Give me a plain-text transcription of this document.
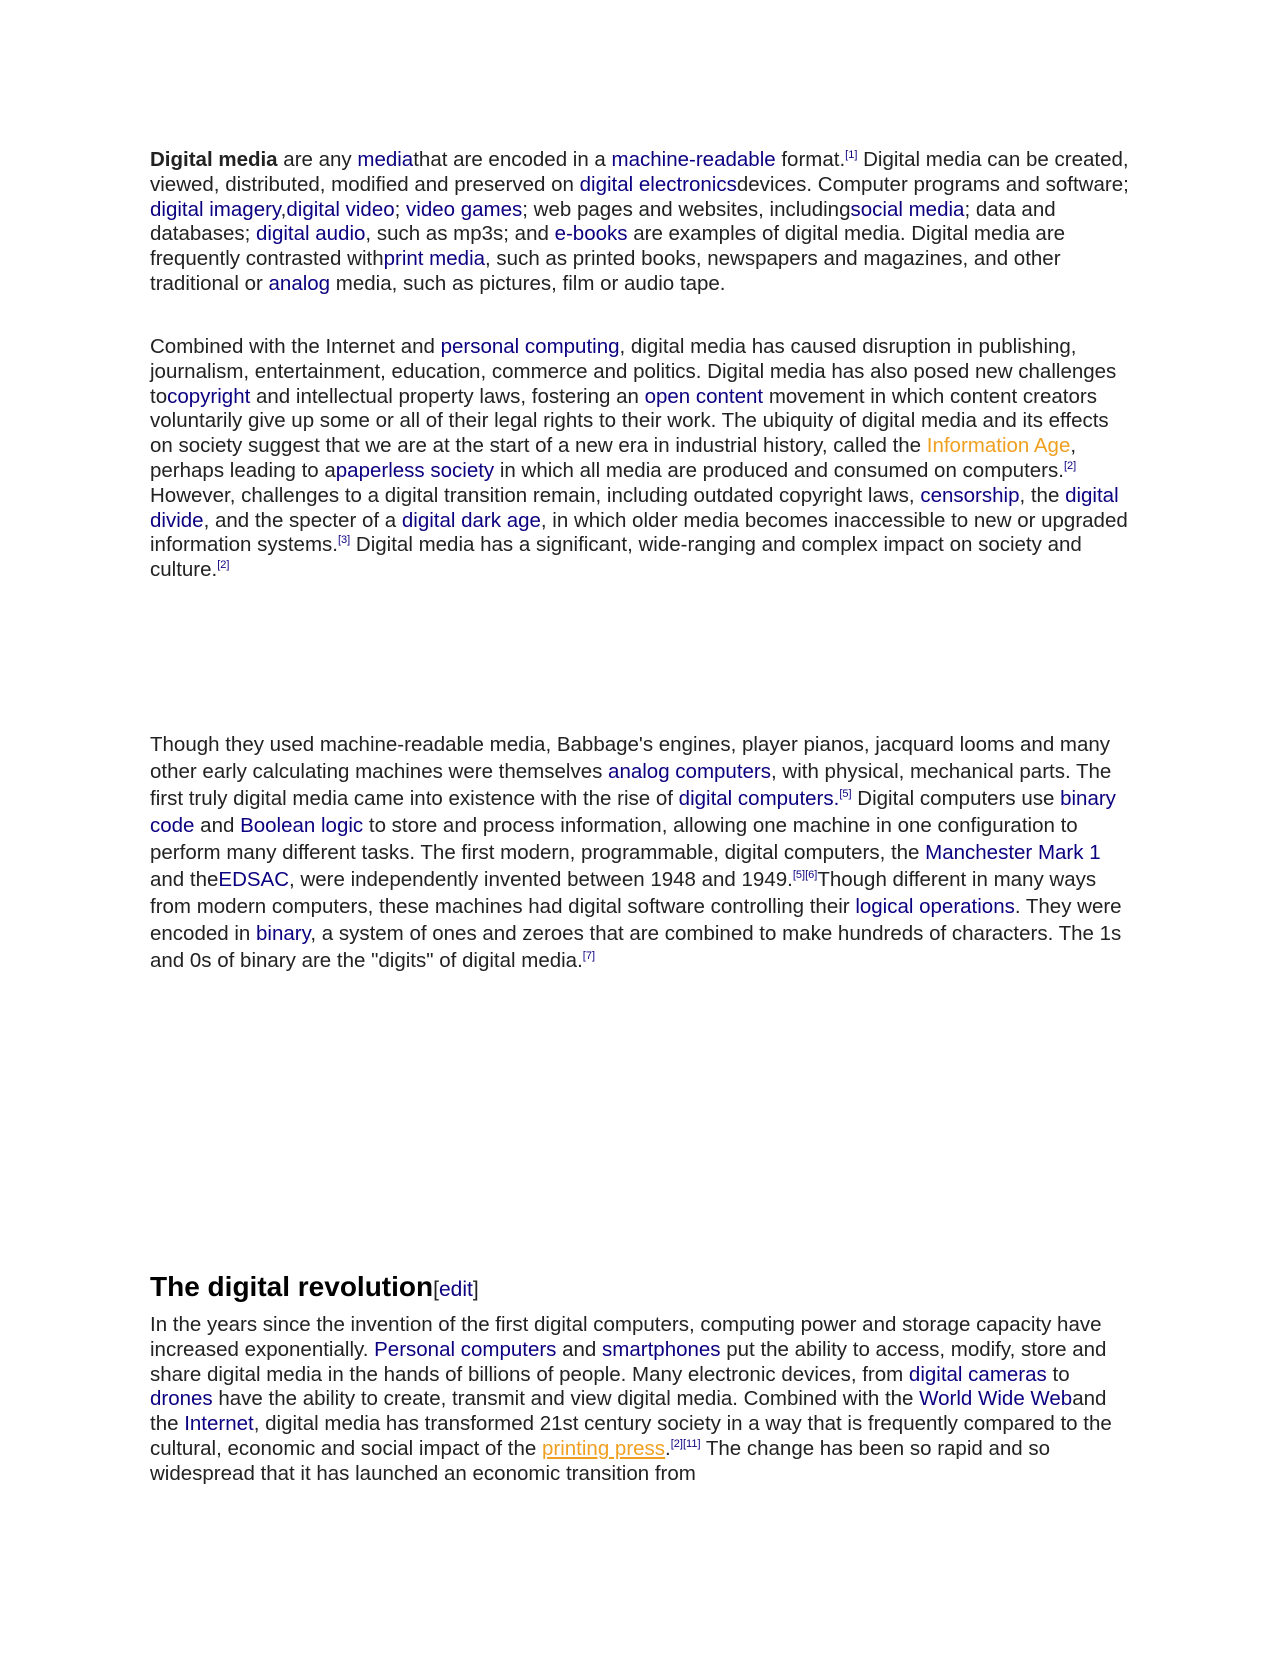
Digital media are any mediathat are encoded in a machine-readable format.[1] Digital media can be created, viewed, distributed, modified and preserved on digital electronicsdevices. Computer programs and software; digital imagery,digital video; video games; web pages and websites, includingsocial media; data and databases; digital audio, such as mp3s; and e-books are examples of digital media. Digital media are frequently contrasted withprint media, such as printed books, newspapers and magazines, and other traditional or analog media, such as pictures, film or audio tape.

Combined with the Internet and personal computing, digital media has caused disruption in publishing, journalism, entertainment, education, commerce and politics. Digital media has also posed new challenges tocopyright and intellectual property laws, fostering an open content movement in which content creators voluntarily give up some or all of their legal rights to their work. The ubiquity of digital media and its effects on society suggest that we are at the start of a new era in industrial history, called the Information Age, perhaps leading to apaperless society in which all media are produced and consumed on computers.[2] However, challenges to a digital transition remain, including outdated copyright laws, censorship, the digital divide, and the specter of a digital dark age, in which older media becomes inaccessible to new or upgraded information systems.[3] Digital media has a significant, wide-ranging and complex impact on society and culture.[2]

Though they used machine-readable media, Babbage's engines, player pianos, jacquard looms and many other early calculating machines were themselves analog computers, with physical, mechanical parts. The first truly digital media came into existence with the rise of digital computers.[5] Digital computers use binary code and Boolean logic to store and process information, allowing one machine in one configuration to perform many different tasks. The first modern, programmable, digital computers, the Manchester Mark 1 and theEDSAC, were independently invented between 1948 and 1949.[5][6]Though different in many ways from modern computers, these machines had digital software controlling their logical operations. They were encoded in binary, a system of ones and zeroes that are combined to make hundreds of characters. The 1s and 0s of binary are the "digits" of digital media.[7]

The digital revolution[edit]

In the years since the invention of the first digital computers, computing power and storage capacity have increased exponentially. Personal computers and smartphones put the ability to access, modify, store and share digital media in the hands of billions of people. Many electronic devices, from digital cameras to drones have the ability to create, transmit and view digital media. Combined with the World Wide Weband the Internet, digital media has transformed 21st century society in a way that is frequently compared to the cultural, economic and social impact of the printing press.[2][11] The change has been so rapid and so widespread that it has launched an economic transition from
